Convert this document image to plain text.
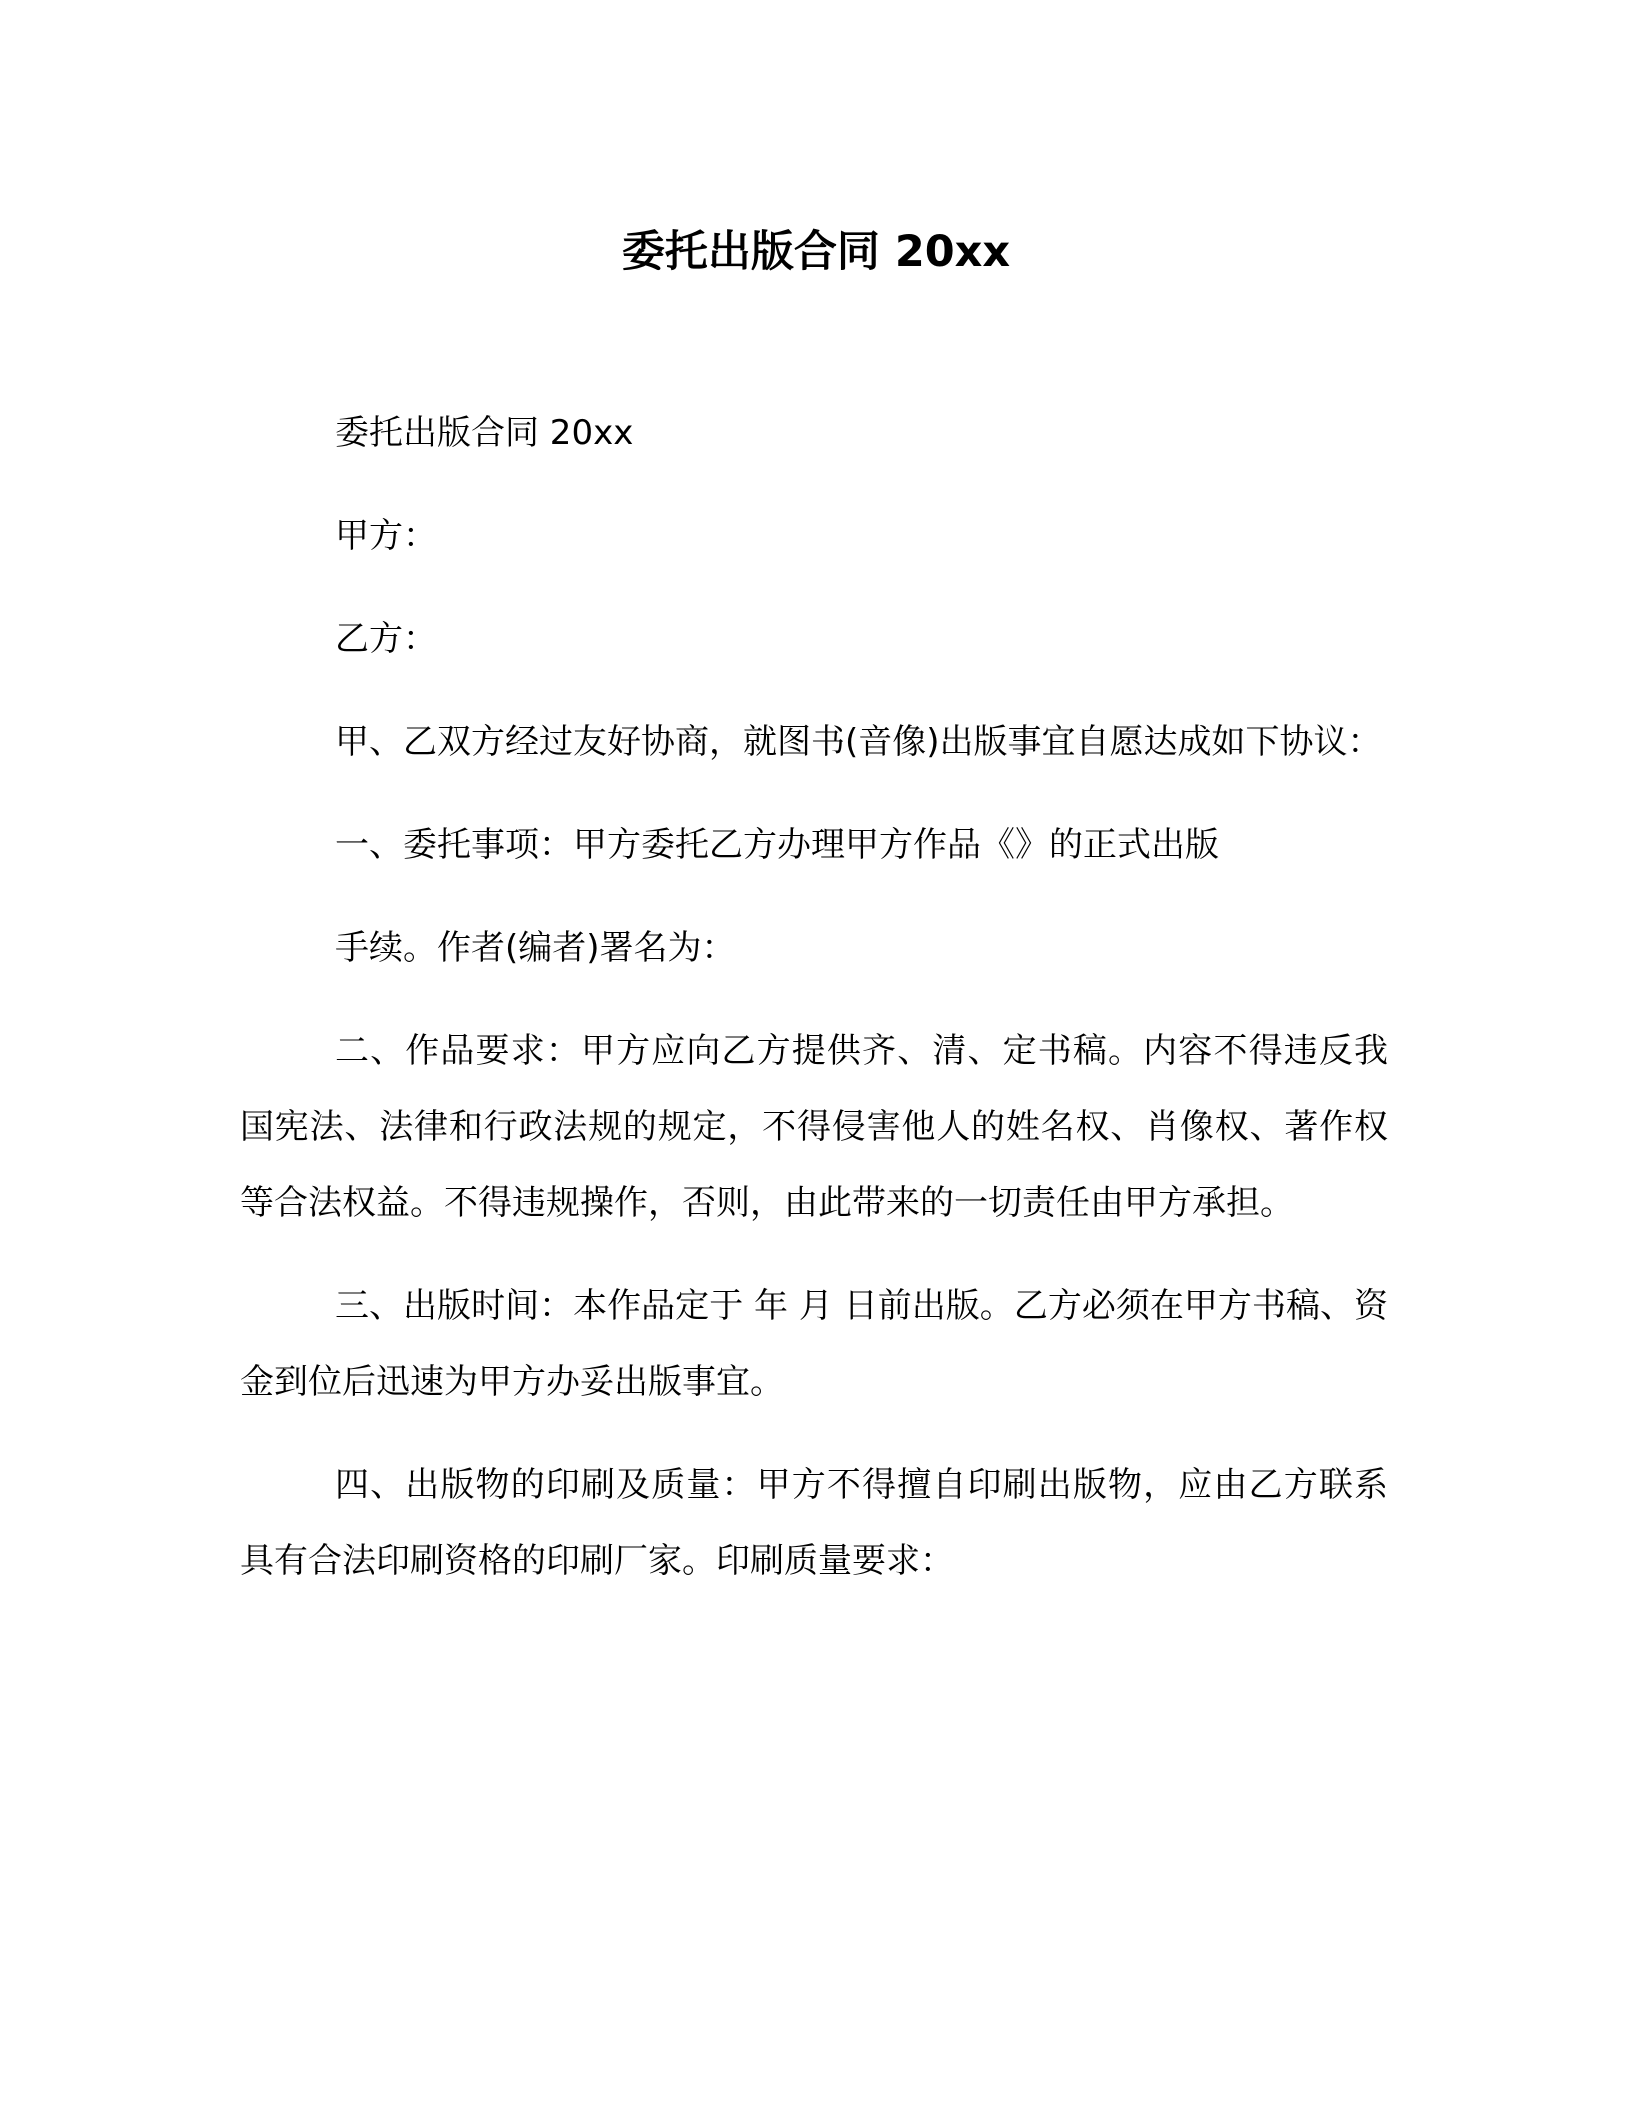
委托出版合同 20xx

委托出版合同 20xx

甲方：

乙方：

甲、乙双方经过友好协商，就图书(音像)出版事宜自愿达成如下协议：

一、委托事项：甲方委托乙方办理甲方作品《》的正式出版

手续。作者(编者)署名为：

二、作品要求：甲方应向乙方提供齐、清、定书稿。内容不得违反我国宪法、法律和行政法规的规定，不得侵害他人的姓名权、肖像权、著作权等合法权益。不得违规操作，否则，由此带来的一切责任由甲方承担。

三、出版时间：本作品定于 年 月 日前出版。乙方必须在甲方书稿、资金到位后迅速为甲方办妥出版事宜。

四、出版物的印刷及质量：甲方不得擅自印刷出版物，应由乙方联系具有合法印刷资格的印刷厂家。印刷质量要求：
